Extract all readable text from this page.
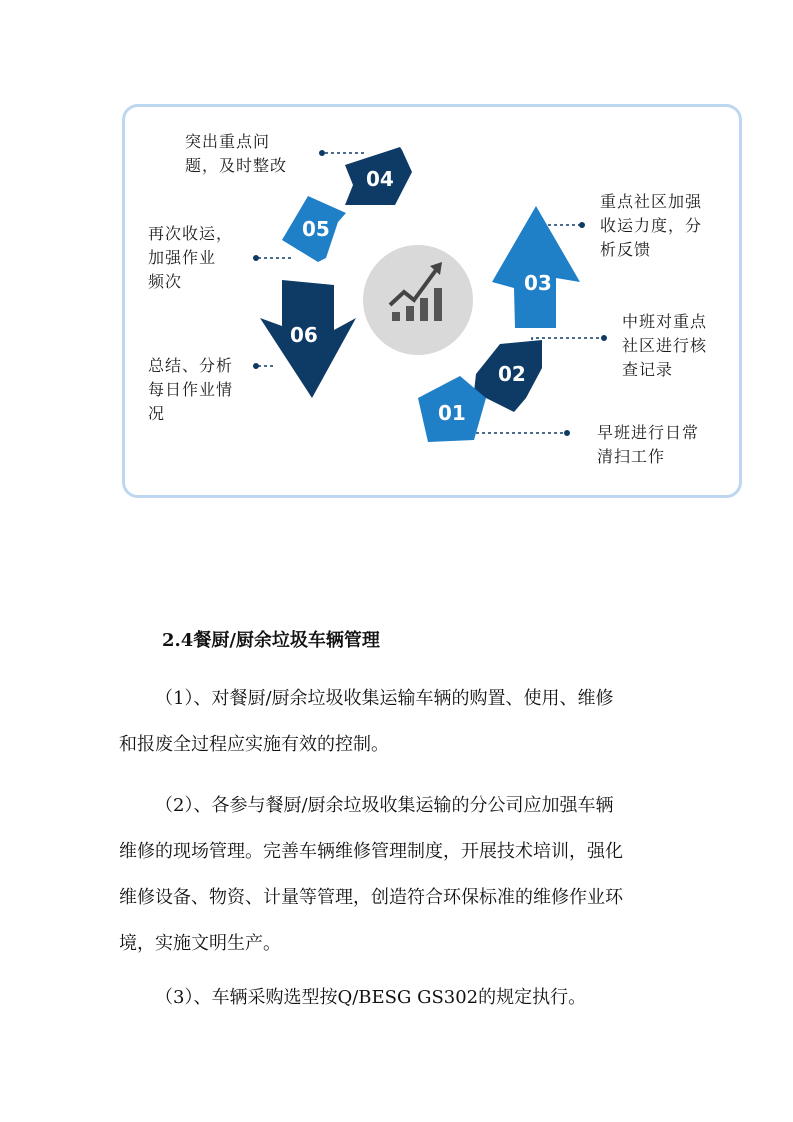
04
05
06
03
02
01
突出重点问
题，及时整改
再次收运，
加强作业
频次
总结、分析
每日作业情
况
重点社区加强
收运力度，分
析反馈
中班对重点
社区进行核
查记录
早班进行日常
清扫工作
2.4餐厨/厨余垃圾车辆管理
（1）、对餐厨/厨余垃圾收集运输车辆的购置、使用、维修
和报废全过程应实施有效的控制。
（2）、各参与餐厨/厨余垃圾收集运输的分公司应加强车辆
维修的现场管理。完善车辆维修管理制度，开展技术培训，强化
维修设备、物资、计量等管理，创造符合环保标准的维修作业环
境，实施文明生产。
（3）、车辆采购选型按Q/BESG GS302的规定执行。
